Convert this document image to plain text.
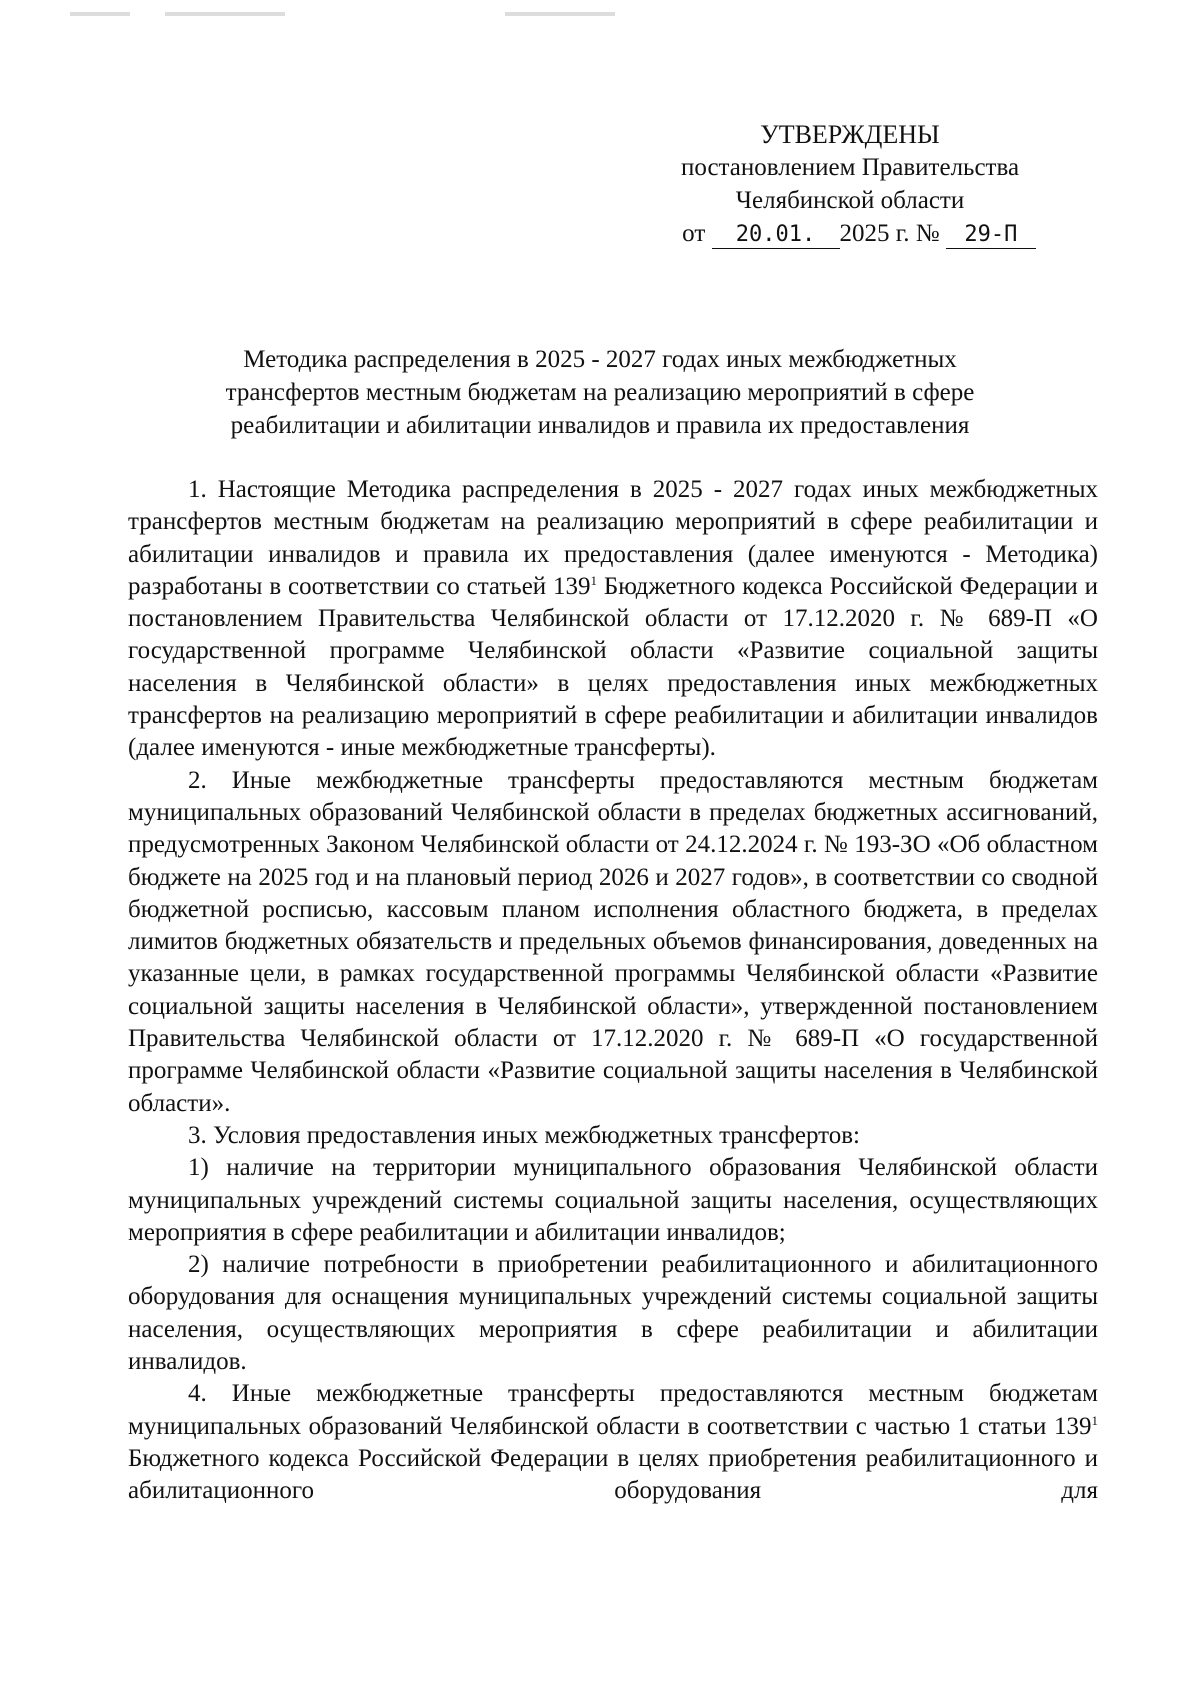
УТВЕРЖДЕНЫ
постановлением Правительства
Челябинской области
от 20.01. 2025 г. № 29-П
Методика распределения в 2025 - 2027 годах иных межбюджетных
трансфертов местным бюджетам на реализацию мероприятий в сфере
реабилитации и абилитации инвалидов и правила их предоставления

1. Настоящие Методика распределения в 2025 - 2027 годах иных межбюджетных трансфертов местным бюджетам на реализацию мероприятий в сфере реабилитации и абилитации инвалидов и правила их предоставления (далее именуются - Методика) разработаны в соответствии со статьей $139^1$ Бюджетного кодекса Российской Федерации и постановлением Правительства Челябинской области от 17.12.2020 г. № 689-П «О государственной программе Челябинской области «Развитие социальной защиты населения в Челябинской области» в целях предоставления иных межбюджетных трансфертов на реализацию мероприятий в сфере реабилитации и абилитации инвалидов (далее именуются - иные межбюджетные трансферты).

2. Иные межбюджетные трансферты предоставляются местным бюджетам муниципальных образований Челябинской области в пределах бюджетных ассигнований, предусмотренных Законом Челябинской области от 24.12.2024 г. № 193-ЗО «Об областном бюджете на 2025 год и на плановый период 2026 и 2027 годов», в соответствии со сводной бюджетной росписью, кассовым планом исполнения областного бюджета, в пределах лимитов бюджетных обязательств и предельных объемов финансирования, доведенных на указанные цели, в рамках государственной программы Челябинской области «Развитие социальной защиты населения в Челябинской области», утвержденной постановлением Правительства Челябинской области от 17.12.2020 г. № 689-П «О государственной программе Челябинской области «Развитие социальной защиты населения в Челябинской области».

3. Условия предоставления иных межбюджетных трансфертов:

1) наличие на территории муниципального образования Челябинской области муниципальных учреждений системы социальной защиты населения, осуществляющих мероприятия в сфере реабилитации и абилитации инвалидов;

2) наличие потребности в приобретении реабилитационного и абилитационного оборудования для оснащения муниципальных учреждений системы социальной защиты населения, осуществляющих мероприятия в сфере реабилитации и абилитации инвалидов.

4. Иные межбюджетные трансферты предоставляются местным бюджетам муниципальных образований Челябинской области в соответствии с частью 1 статьи $139^1$ Бюджетного кодекса Российской Федерации в целях приобретения реабилитационного и абилитационного оборудования для
